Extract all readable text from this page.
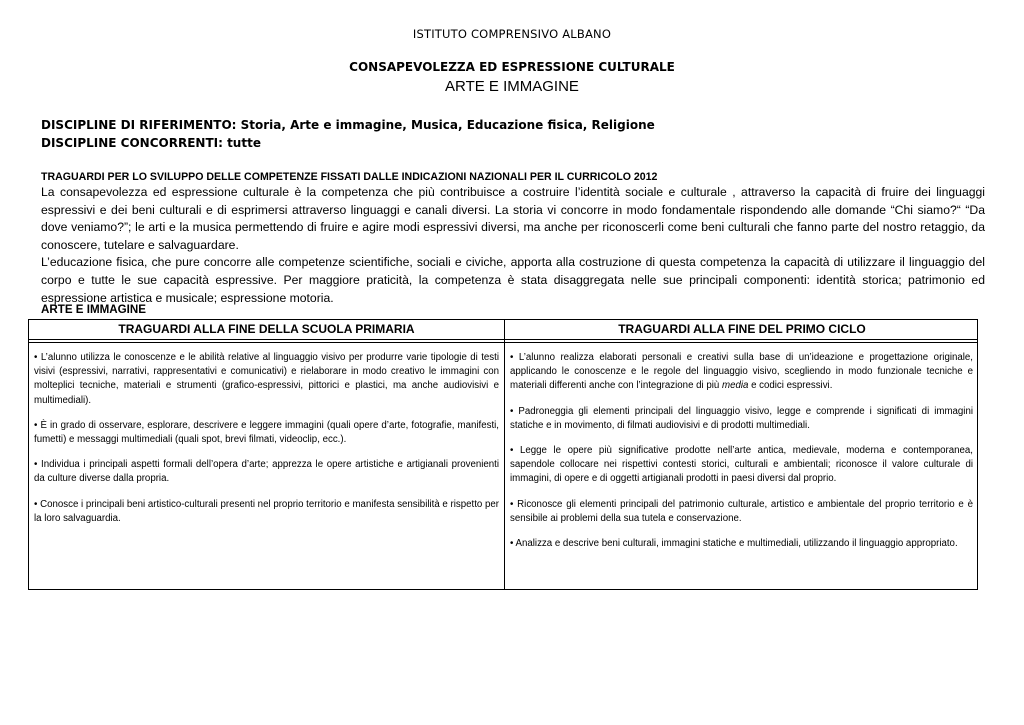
ISTITUTO COMPRENSIVO ALBANO
CONSAPEVOLEZZA ED ESPRESSIONE CULTURALE
ARTE E IMMAGINE
DISCIPLINE DI RIFERIMENTO: Storia, Arte e immagine, Musica, Educazione fisica, Religione
DISCIPLINE CONCORRENTI: tutte
TRAGUARDI PER LO SVILUPPO DELLE COMPETENZE FISSATI DALLE INDICAZIONI NAZIONALI PER IL CURRICOLO 2012

La consapevolezza ed espressione culturale è la competenza che più contribuisce a costruire l’identità sociale e culturale , attraverso la capacità di fruire dei linguaggi espressivi e dei beni culturali e di esprimersi attraverso linguaggi e canali diversi. La storia vi concorre in modo fondamentale rispondendo alle domande “Chi siamo?“ “Da dove veniamo?”; le arti e la musica permettendo di fruire e agire modi espressivi diversi, ma anche per riconoscerli come beni culturali che fanno parte del nostro retaggio, da conoscere, tutelare e salvaguardare.

L’educazione fisica, che pure concorre alle competenze scientifiche, sociali e civiche, apporta alla costruzione di questa competenza la capacità di utilizzare il linguaggio del corpo e tutte le sue capacità espressive. Per maggiore praticità, la competenza è stata disaggregata nelle sue principali componenti: identità storica; patrimonio ed espressione artistica e musicale; espressione motoria.

ARTE E IMMAGINE
TRAGUARDI ALLA FINE DELLA SCUOLA PRIMARIA	TRAGUARDI ALLA FINE DEL PRIMO CICLO

• L’alunno utilizza le conoscenze e le abilità relative al linguaggio visivo per produrre varie tipologie di testi visivi (espressivi, narrativi, rappresentativi e comunicativi) e rielaborare in modo creativo le immagini con molteplici tecniche, materiali e strumenti (grafico-espressivi, pittorici e plastici, ma anche audiovisivi e multimediali).

• È in grado di osservare, esplorare, descrivere e leggere immagini (quali opere d’arte, fotografie, manifesti, fumetti) e messaggi multimediali (quali spot, brevi filmati, videoclip, ecc.).

• Individua i principali aspetti formali dell’opera d’arte; apprezza le opere artistiche e artigianali provenienti da culture diverse dalla propria.

• Conosce i principali beni artistico-culturali presenti nel proprio territorio e manifesta sensibilità e rispetto per la loro salvaguardia.

• L’alunno realizza elaborati personali e creativi sulla base di un’ideazione e progettazione originale, applicando le conoscenze e le regole del linguaggio visivo, scegliendo in modo funzionale tecniche e materiali differenti anche con l’integrazione di più media e codici espressivi.

• Padroneggia gli elementi principali del linguaggio visivo, legge e comprende i significati di immagini statiche e in movimento, di filmati audiovisivi e di prodotti multimediali.

• Legge le opere più significative prodotte nell’arte antica, medievale, moderna e contemporanea, sapendole collocare nei rispettivi contesti storici, culturali e ambientali; riconosce il valore culturale di immagini, di opere e di oggetti artigianali prodotti in paesi diversi dal proprio.

• Riconosce gli elementi principali del patrimonio culturale, artistico e ambientale del proprio territorio e è sensibile ai problemi della sua tutela e conservazione.

• Analizza e descrive beni culturali, immagini statiche e multimediali, utilizzando il linguaggio appropriato.
